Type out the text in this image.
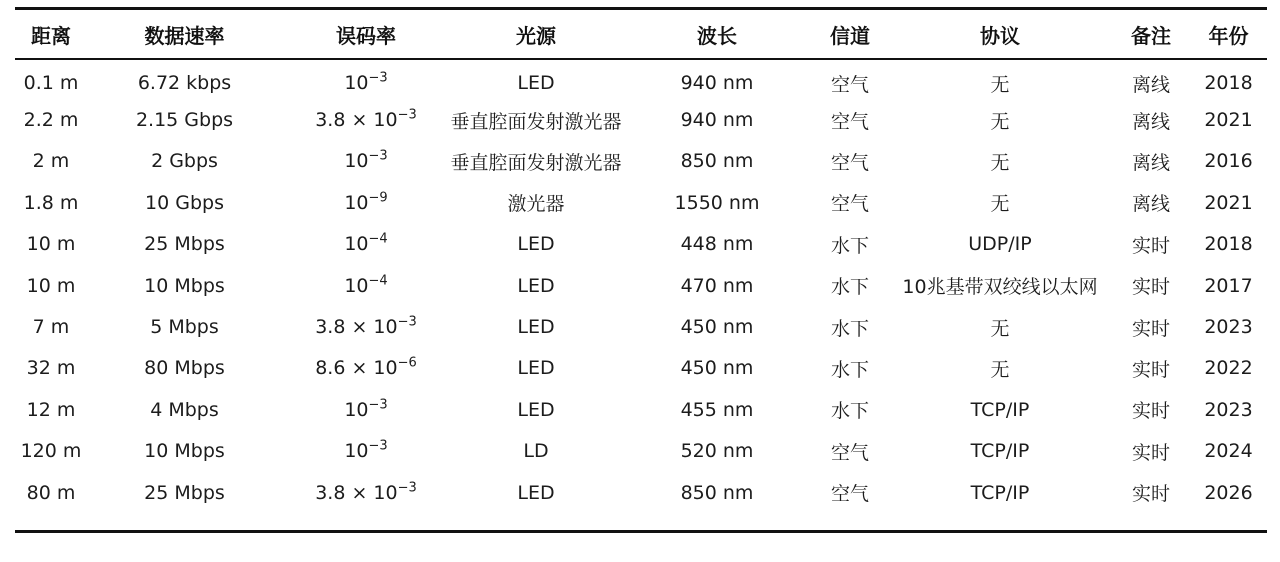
距离	数据速率	误码率	光源	波长	信道	协议	备注	年份
0.1 m	6.72 kbps	$10^{-3}$	LED	940 nm	空气	无	离线	2018
2.2 m	2.15 Gbps	$3.8 \times 10^{-3}$	垂直腔面发射激光器	940 nm	空气	无	离线	2021
2 m	2 Gbps	$10^{-3}$	垂直腔面发射激光器	850 nm	空气	无	离线	2016
1.8 m	10 Gbps	$10^{-9}$	激光器	1550 nm	空气	无	离线	2021
10 m	25 Mbps	$10^{-4}$	LED	448 nm	水下	UDP/IP	实时	2018
10 m	10 Mbps	$10^{-4}$	LED	470 nm	水下	10兆基带双绞线以太网	实时	2017
7 m	5 Mbps	$3.8 \times 10^{-3}$	LED	450 nm	水下	无	实时	2023
32 m	80 Mbps	$8.6 \times 10^{-6}$	LED	450 nm	水下	无	实时	2022
12 m	4 Mbps	$10^{-3}$	LED	455 nm	水下	TCP/IP	实时	2023
120 m	10 Mbps	$10^{-3}$	LD	520 nm	空气	TCP/IP	实时	2024
80 m	25 Mbps	$3.8 \times 10^{-3}$	LED	850 nm	空气	TCP/IP	实时	2026
